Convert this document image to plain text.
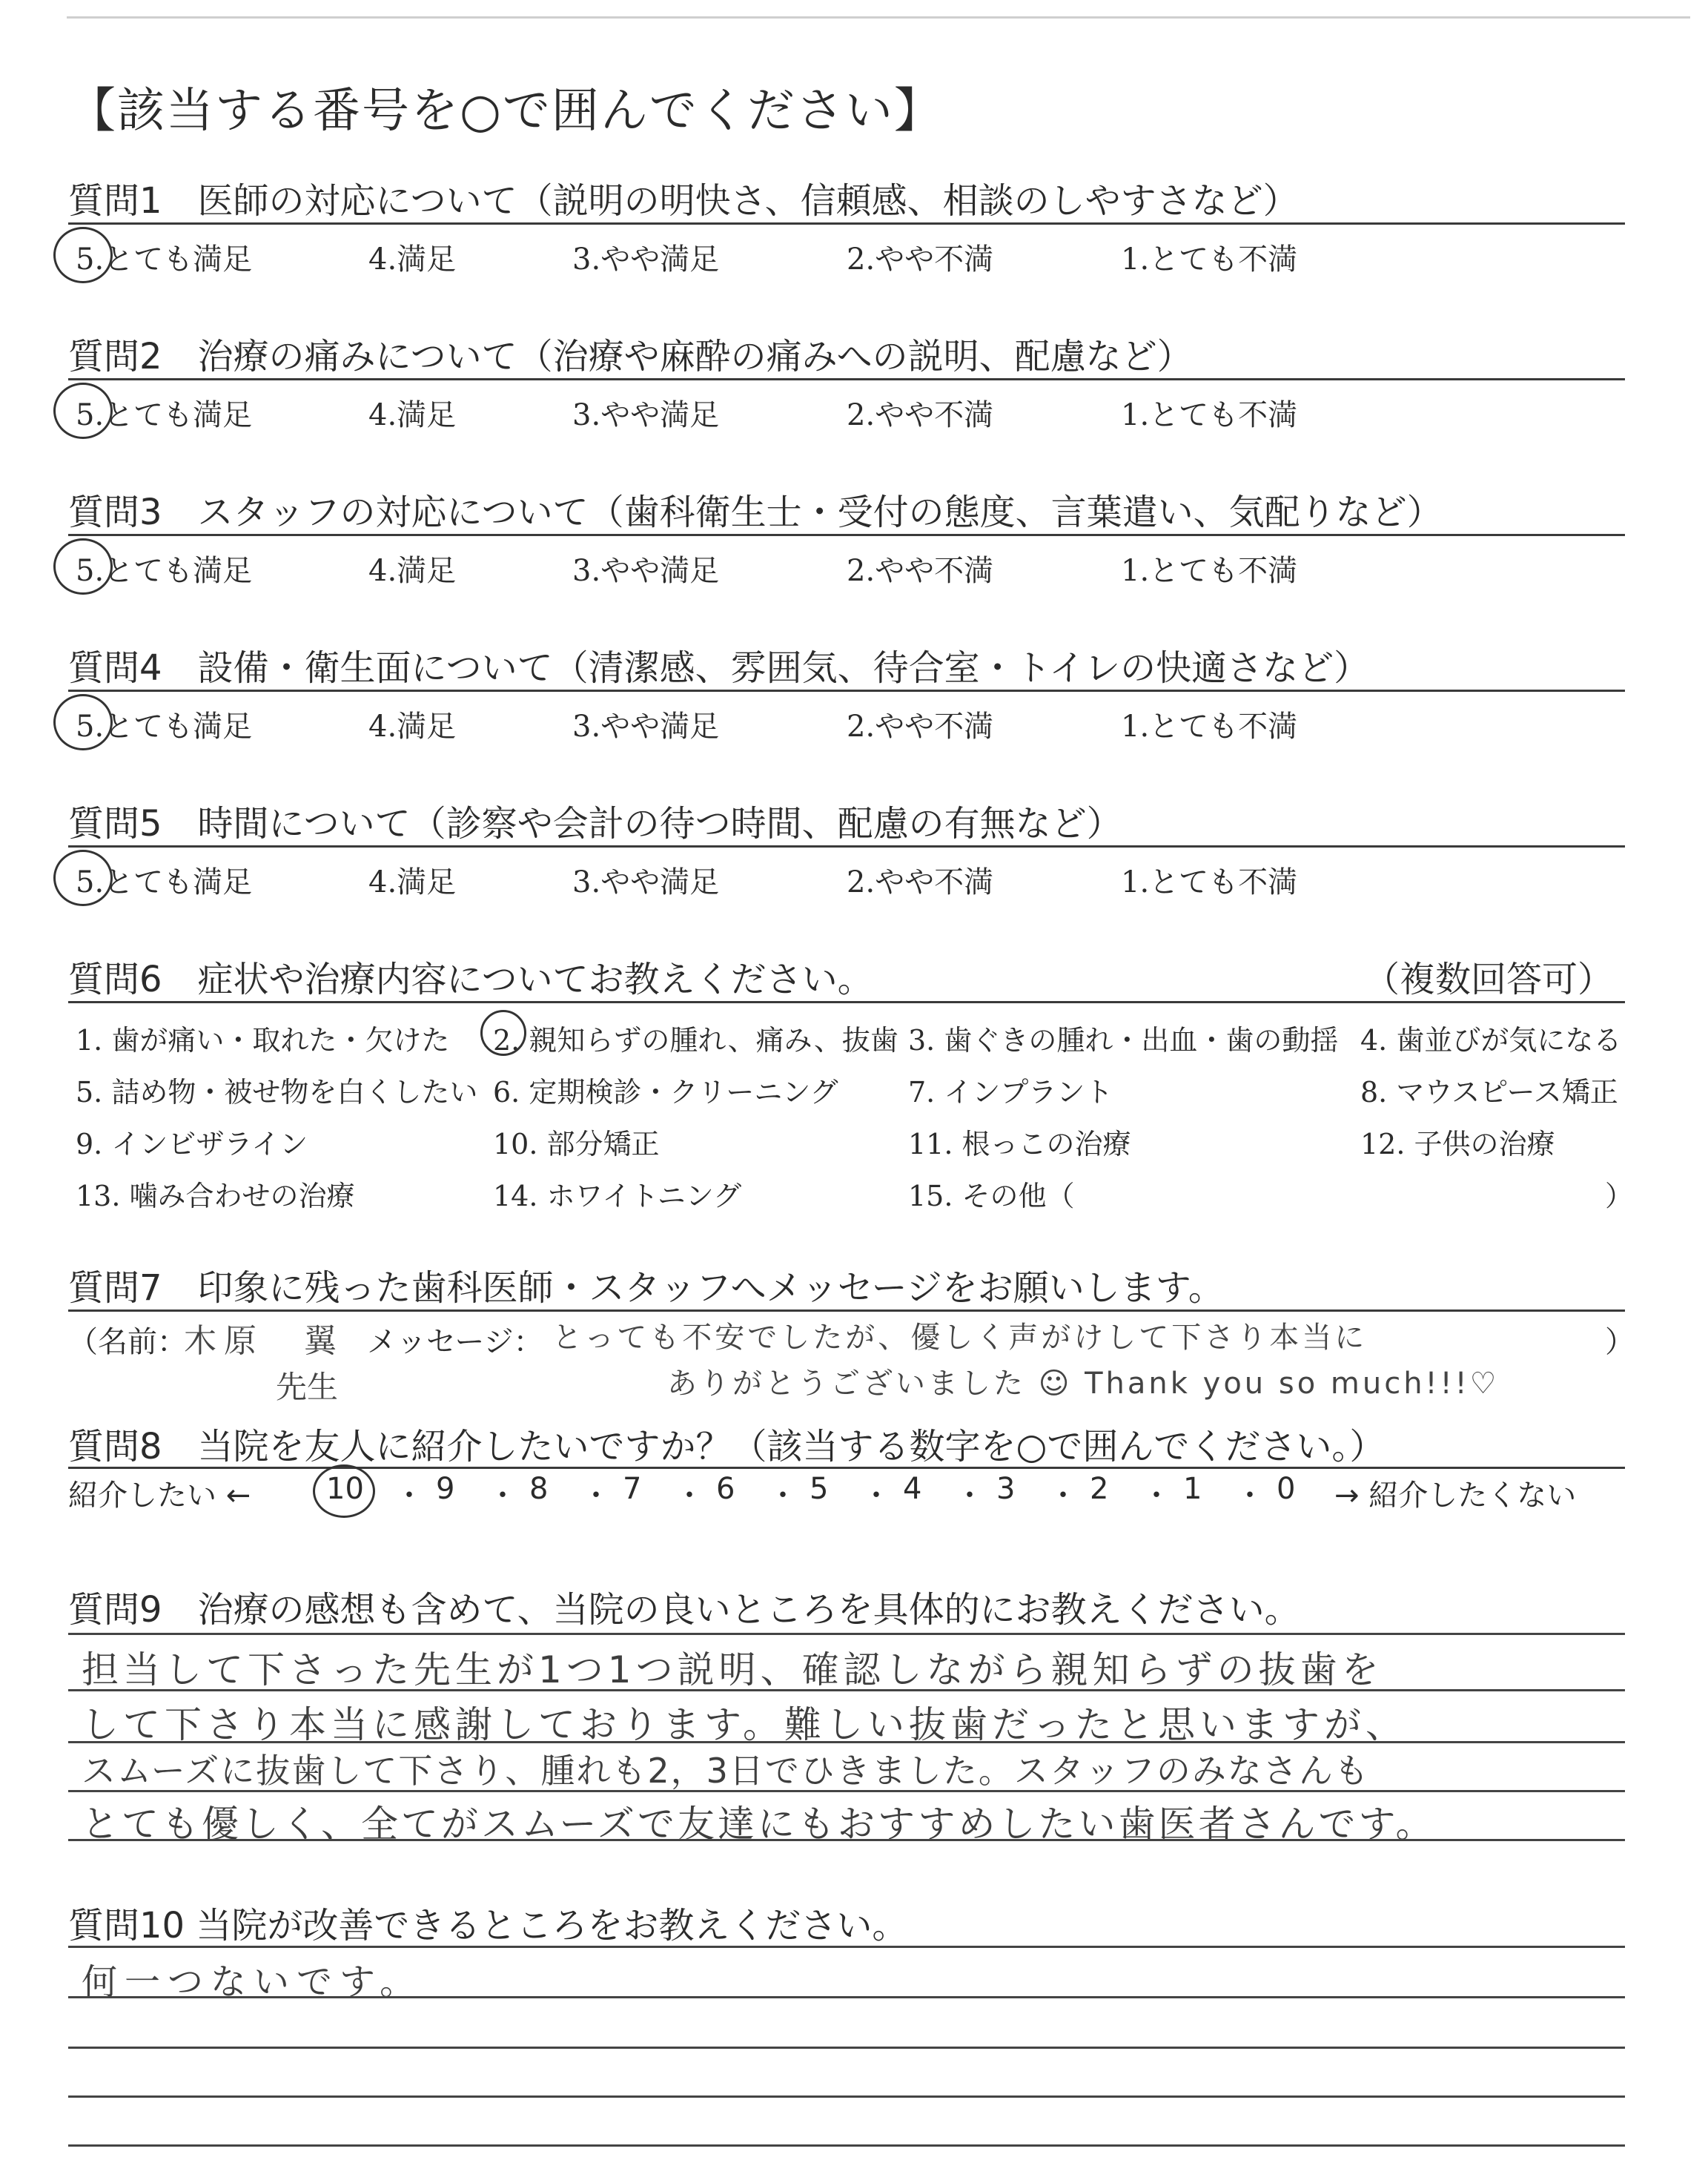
【該当する番号を○で囲んでください】
質問1　医師の対応について（説明の明快さ、信頼感、相談のしやすさなど）
5.とても満足	4.満足	3.やや満足	2.やや不満	1.とても不満
質問2　治療の痛みについて（治療や麻酔の痛みへの説明、配慮など）
5.とても満足	4.満足	3.やや満足	2.やや不満	1.とても不満
質問3　スタッフの対応について（歯科衛生士・受付の態度、言葉遣い、気配りなど）
5.とても満足	4.満足	3.やや満足	2.やや不満	1.とても不満
質問4　設備・衛生面について（清潔感、雰囲気、待合室・トイレの快適さなど）
5.とても満足	4.満足	3.やや満足	2.やや不満	1.とても不満
質問5　時間について（診察や会計の待つ時間、配慮の有無など）
5.とても満足	4.満足	3.やや満足	2.やや不満	1.とても不満
質問6　症状や治療内容についてお教えください。	（複数回答可）
1. 歯が痛い・取れた・欠けた 2. 親知らずの腫れ、痛み、抜歯 3. 歯ぐきの腫れ・出血・歯の動揺 4. 歯並びが気になる
5. 詰め物・被せ物を白くしたい 6. 定期検診・クリーニング 7. インプラント	8. マウスピース矯正
9. インビザライン	10. 部分矯正	11. 根っこの治療	12. 子供の治療
13. 噛み合わせの治療	14. ホワイトニング	15. その他（	）
質問7　印象に残った歯科医師・スタッフへメッセージをお願いします。
（名前：
木原　翼
先生
メッセージ： とっても不安でしたが、優しく声がけして下さり本当に
ありがとうございました ☺ Thank you so much!!!♡
）
質問8　当院を友人に紹介したいですか？（該当する数字を○で囲んでください。）
紹介したい ←	10 ・ 9 ・ 8 ・ 7 ・ 6 ・ 5 ・ 4 ・ 3 ・ 2 ・ 1 ・ 0 → 紹介したくない
質問9　治療の感想も含めて、当院の良いところを具体的にお教えください。
担当して下さった先生が1つ1つ説明、確認しながら親知らずの抜歯を
して下さり本当に感謝しております。難しい抜歯だったと思いますが、
スムーズに抜歯して下さり、腫れも2，3日でひきました。スタッフのみなさんも
とても優しく、全てがスムーズで友達にもおすすめしたい歯医者さんです。
質問10 当院が改善できるところをお教えください。
何一つないです。
